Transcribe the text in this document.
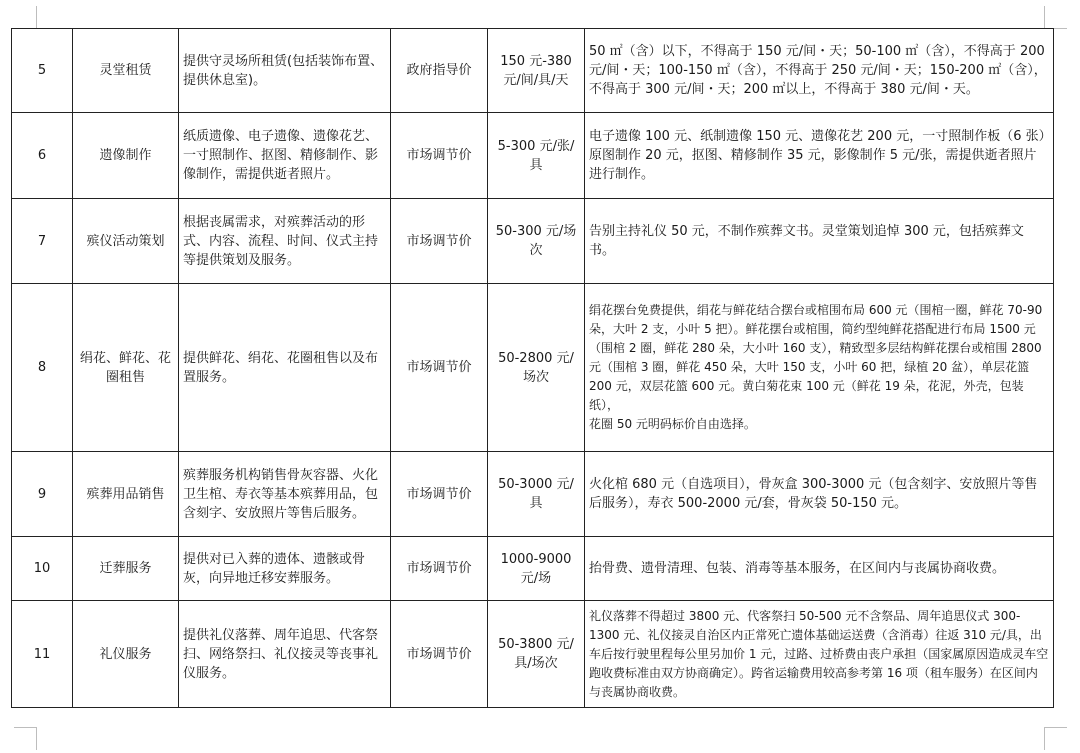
5	灵堂租赁	提供守灵场所租赁(包括装饰布置、提供休息室)。	政府指导价	150 元-380 元/间/具/天	50 ㎡（含）以下，不得高于 150 元/间・天；50-100 ㎡（含），不得高于 200 元/间・天；100-150 ㎡（含），不得高于 250 元/间・天；150-200 ㎡（含），不得高于 300 元/间・天；200 ㎡以上，不得高于 380 元/间・天。
6	遗像制作	纸质遗像、电子遗像、遗像花艺、一寸照制作、抠图、精修制作、影像制作，需提供逝者照片。	市场调节价	5-300 元/张/具	电子遗像 100 元、纸制遗像 150 元、遗像花艺 200 元，一寸照制作板（6 张）原图制作 20 元，抠图、精修制作 35 元，影像制作 5 元/张，需提供逝者照片进行制作。
7	殡仪活动策划	根据丧属需求，对殡葬活动的形式、内容、流程、时间、仪式主持等提供策划及服务。	市场调节价	50-300 元/场次	告别主持礼仪 50 元，不制作殡葬文书。灵堂策划追悼 300 元，包括殡葬文书。
8	绢花、鲜花、花圈租售	提供鲜花、绢花、花圈租售以及布置服务。	市场调节价	50-2800 元/场次	绢花摆台免费提供，绢花与鲜花结合摆台或棺围布局 600 元（围棺一圈，鲜花 70-90 朵，大叶 2 支，小叶 5 把）。鲜花摆台或棺围，简约型纯鲜花搭配进行布局 1500 元（围棺 2 圈，鲜花 280 朵，大小叶 160 支），精致型多层结构鲜花摆台或棺围 2800 元（围棺 3 圈，鲜花 450 朵，大叶 150 支，小叶 60 把，绿植 20 盆），单层花篮 200 元，双层花篮 600 元。黄白菊花束 100 元（鲜花 19 朵，花泥，外壳，包装纸），
花圈 50 元明码标价自由选择。
9	殡葬用品销售	殡葬服务机构销售骨灰容器、火化卫生棺、寿衣等基本殡葬用品，包含刻字、安放照片等售后服务。	市场调节价	50-3000 元/具	火化棺 680 元（自选项目），骨灰盒 300-3000 元（包含刻字、安放照片等售后服务），寿衣 500-2000 元/套，骨灰袋 50-150 元。
10	迁葬服务	提供对已入葬的遗体、遗骸或骨灰，向异地迁移安葬服务。	市场调节价	1000-9000 元/场	抬骨费、遗骨清理、包装、消毒等基本服务，在区间内与丧属协商收费。
11	礼仪服务	提供礼仪落葬、周年追思、代客祭扫、网络祭扫、礼仪接灵等丧事礼仪服务。	市场调节价	50-3800 元/具/场次	礼仪落葬不得超过 3800 元、代客祭扫 50-500 元不含祭品、周年追思仪式 300-1300 元、礼仪接灵自治区内正常死亡遗体基础运送费（含消毒）往返 310 元/具，出车后按行驶里程每公里另加价 1 元，过路、过桥费由丧户承担（国家属原因造成灵车空跑收费标准由双方协商确定）。跨省运输费用较高参考第 16 项（租车服务）在区间内与丧属协商收费。
